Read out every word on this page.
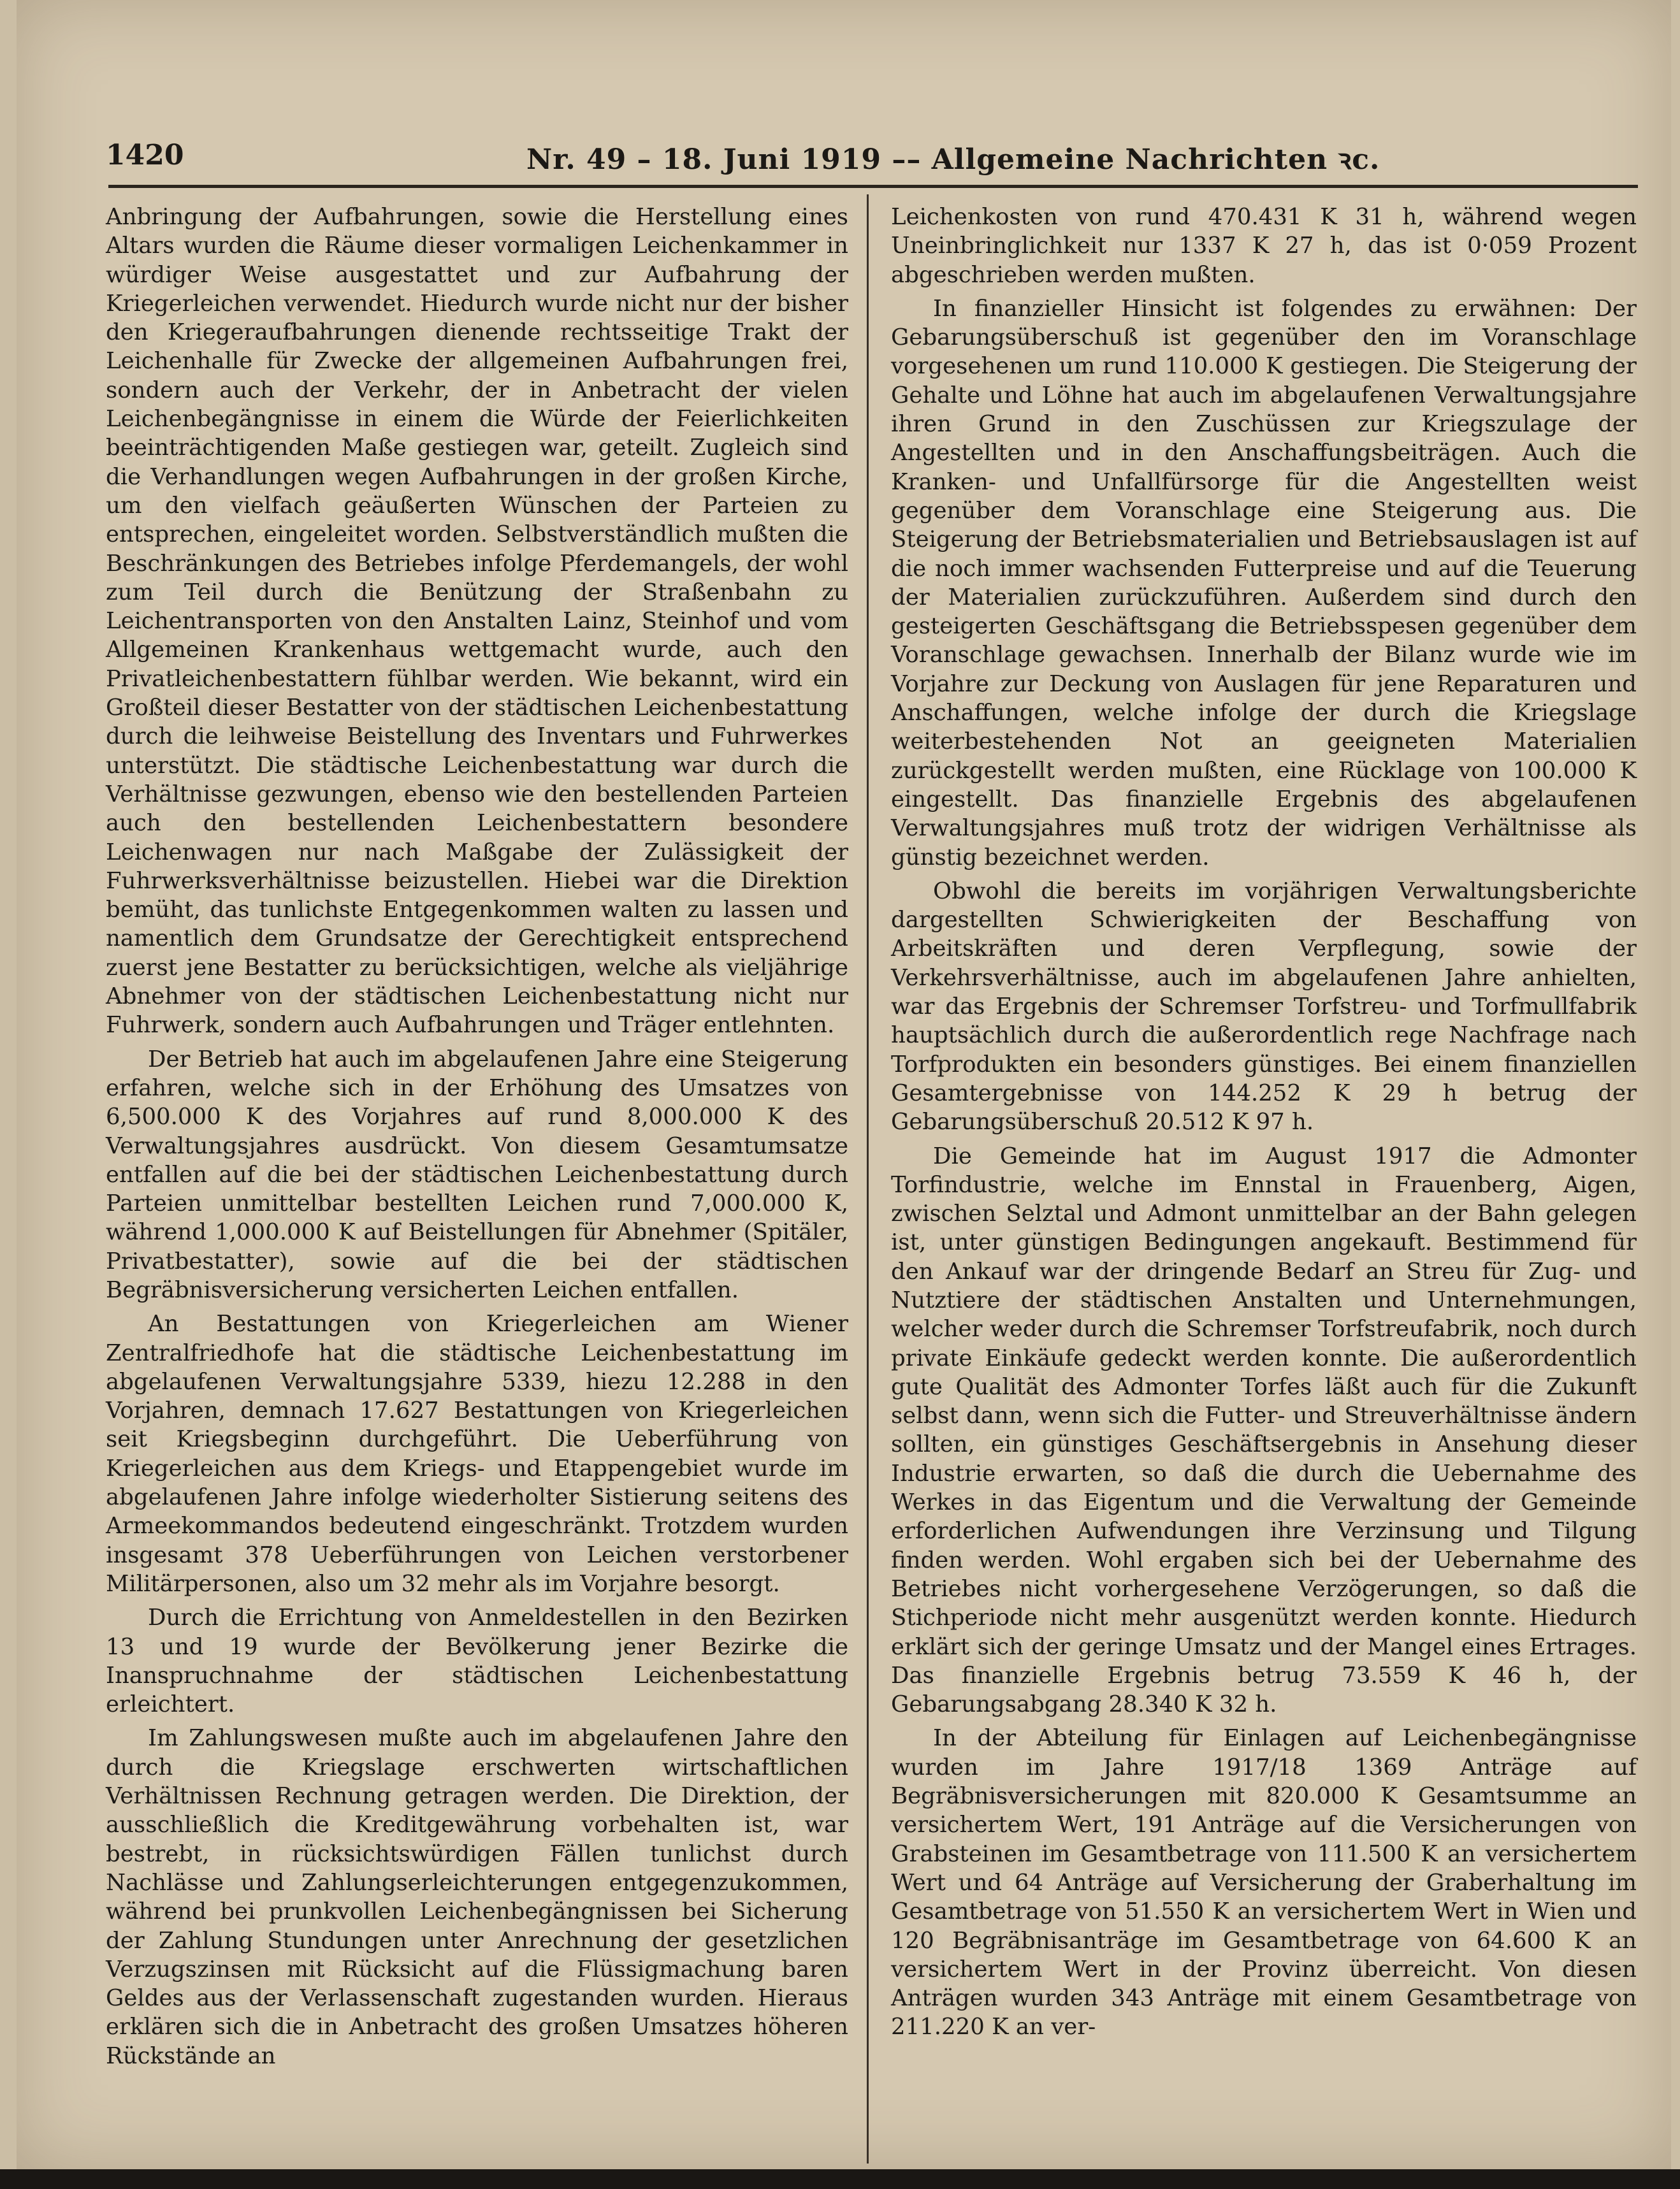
1420	Nr. 49 – 18. Juni 1919 –– Allgemeine Nachrichten ꝛc.

Anbringung der Aufbahrungen, sowie die Herstellung eines Altars wurden die Räume dieser vormaligen Leichenkammer in würdiger Weise ausgestattet und zur Aufbahrung der Kriegerleichen verwendet. Hiedurch wurde nicht nur der bisher den Kriegeraufbahrungen dienende rechtsseitige Trakt der Leichenhalle für Zwecke der allgemeinen Aufbahrungen frei, sondern auch der Verkehr, der in Anbetracht der vielen Leichenbegängnisse in einem die Würde der Feierlichkeiten beeinträchtigenden Maße gestiegen war, geteilt. Zugleich sind die Verhandlungen wegen Aufbahrungen in der großen Kirche, um den vielfach geäußerten Wünschen der Parteien zu entsprechen, eingeleitet worden. Selbstverständlich mußten die Beschränkungen des Betriebes infolge Pferdemangels, der wohl zum Teil durch die Benützung der Straßenbahn zu Leichentransporten von den Anstalten Lainz, Steinhof und vom Allgemeinen Krankenhaus wettgemacht wurde, auch den Privatleichenbestattern fühlbar werden. Wie bekannt, wird ein Großteil dieser Bestatter von der städtischen Leichenbestattung durch die leihweise Beistellung des Inventars und Fuhrwerkes unterstützt. Die städtische Leichenbestattung war durch die Verhältnisse gezwungen, ebenso wie den bestellenden Parteien auch den bestellenden Leichenbestattern besondere Leichenwagen nur nach Maßgabe der Zulässigkeit der Fuhrwerksverhältnisse beizustellen. Hiebei war die Direktion bemüht, das tunlichste Entgegenkommen walten zu lassen und namentlich dem Grundsatze der Gerechtigkeit entsprechend zuerst jene Bestatter zu berücksichtigen, welche als vieljährige Abnehmer von der städtischen Leichenbestattung nicht nur Fuhrwerk, sondern auch Aufbahrungen und Träger entlehnten.

Der Betrieb hat auch im abgelaufenen Jahre eine Steigerung erfahren, welche sich in der Erhöhung des Umsatzes von 6,500.000 K des Vorjahres auf rund 8,000.000 K des Verwaltungsjahres ausdrückt. Von diesem Gesamtumsatze entfallen auf die bei der städtischen Leichenbestattung durch Parteien unmittelbar bestellten Leichen rund 7,000.000 K, während 1,000.000 K auf Beistellungen für Abnehmer (Spitäler, Privatbestatter), sowie auf die bei der städtischen Begräbnisversicherung versicherten Leichen entfallen.

An Bestattungen von Kriegerleichen am Wiener Zentralfriedhofe hat die städtische Leichenbestattung im abgelaufenen Verwaltungsjahre 5339, hiezu 12.288 in den Vorjahren, demnach 17.627 Bestattungen von Kriegerleichen seit Kriegsbeginn durchgeführt. Die Ueberführung von Kriegerleichen aus dem Kriegs- und Etappengebiet wurde im abgelaufenen Jahre infolge wiederholter Sistierung seitens des Armeekommandos bedeutend eingeschränkt. Trotzdem wurden insgesamt 378 Ueberführungen von Leichen verstorbener Militärpersonen, also um 32 mehr als im Vorjahre besorgt.

Durch die Errichtung von Anmeldestellen in den Bezirken 13 und 19 wurde der Bevölkerung jener Bezirke die Inanspruchnahme der städtischen Leichenbestattung erleichtert.

Im Zahlungswesen mußte auch im abgelaufenen Jahre den durch die Kriegslage erschwerten wirtschaftlichen Verhältnissen Rechnung getragen werden. Die Direktion, der ausschließlich die Kreditgewährung vorbehalten ist, war bestrebt, in rücksichtswürdigen Fällen tunlichst durch Nachlässe und Zahlungserleichterungen entgegenzukommen, während bei prunkvollen Leichenbegängnissen bei Sicherung der Zahlung Stundungen unter Anrechnung der gesetzlichen Verzugszinsen mit Rücksicht auf die Flüssigmachung baren Geldes aus der Verlassenschaft zugestanden wurden. Hieraus erklären sich die in Anbetracht des großen Umsatzes höheren Rückstände an

Leichenkosten von rund 470.431 K 31 h, während wegen Uneinbringlichkeit nur 1337 K 27 h, das ist 0·059 Prozent abgeschrieben werden mußten.

In finanzieller Hinsicht ist folgendes zu erwähnen: Der Gebarungsüberschuß ist gegenüber den im Voranschlage vorgesehenen um rund 110.000 K gestiegen. Die Steigerung der Gehalte und Löhne hat auch im abgelaufenen Verwaltungsjahre ihren Grund in den Zuschüssen zur Kriegszulage der Angestellten und in den Anschaffungsbeiträgen. Auch die Kranken- und Unfallfürsorge für die Angestellten weist gegenüber dem Voranschlage eine Steigerung aus. Die Steigerung der Betriebsmaterialien und Betriebsauslagen ist auf die noch immer wachsenden Futterpreise und auf die Teuerung der Materialien zurückzuführen. Außerdem sind durch den gesteigerten Geschäftsgang die Betriebsspesen gegenüber dem Voranschlage gewachsen. Innerhalb der Bilanz wurde wie im Vorjahre zur Deckung von Auslagen für jene Reparaturen und Anschaffungen, welche infolge der durch die Kriegslage weiterbestehenden Not an geeigneten Materialien zurückgestellt werden mußten, eine Rücklage von 100.000 K eingestellt. Das finanzielle Ergebnis des abgelaufenen Verwaltungsjahres muß trotz der widrigen Verhältnisse als günstig bezeichnet werden.

Obwohl die bereits im vorjährigen Verwaltungsberichte dargestellten Schwierigkeiten der Beschaffung von Arbeitskräften und deren Verpflegung, sowie der Verkehrsverhältnisse, auch im abgelaufenen Jahre anhielten, war das Ergebnis der Schremser Torfstreu- und Torfmullfabrik hauptsächlich durch die außerordentlich rege Nachfrage nach Torfprodukten ein besonders günstiges. Bei einem finanziellen Gesamtergebnisse von 144.252 K 29 h betrug der Gebarungsüberschuß 20.512 K 97 h.

Die Gemeinde hat im August 1917 die Admonter Torfindustrie, welche im Ennstal in Frauenberg, Aigen, zwischen Selztal und Admont unmittelbar an der Bahn gelegen ist, unter günstigen Bedingungen angekauft. Bestimmend für den Ankauf war der dringende Bedarf an Streu für Zug- und Nutztiere der städtischen Anstalten und Unternehmungen, welcher weder durch die Schremser Torfstreufabrik, noch durch private Einkäufe gedeckt werden konnte. Die außerordentlich gute Qualität des Admonter Torfes läßt auch für die Zukunft selbst dann, wenn sich die Futter- und Streuverhältnisse ändern sollten, ein günstiges Geschäftsergebnis in Ansehung dieser Industrie erwarten, so daß die durch die Uebernahme des Werkes in das Eigentum und die Verwaltung der Gemeinde erforderlichen Aufwendungen ihre Verzinsung und Tilgung finden werden. Wohl ergaben sich bei der Uebernahme des Betriebes nicht vorhergesehene Verzögerungen, so daß die Stichperiode nicht mehr ausgenützt werden konnte. Hiedurch erklärt sich der geringe Umsatz und der Mangel eines Ertrages. Das finanzielle Ergebnis betrug 73.559 K 46 h, der Gebarungsabgang 28.340 K 32 h.

In der Abteilung für Einlagen auf Leichenbegängnisse wurden im Jahre 1917/18 1369 Anträge auf Begräbnisversicherungen mit 820.000 K Gesamtsumme an versichertem Wert, 191 Anträge auf die Versicherungen von Grabsteinen im Gesamtbetrage von 111.500 K an versichertem Wert und 64 Anträge auf Versicherung der Graberhaltung im Gesamtbetrage von 51.550 K an versichertem Wert in Wien und 120 Begräbnisanträge im Gesamtbetrage von 64.600 K an versichertem Wert in der Provinz überreicht. Von diesen Anträgen wurden 343 Anträge mit einem Gesamtbetrage von 211.220 K an ver-
